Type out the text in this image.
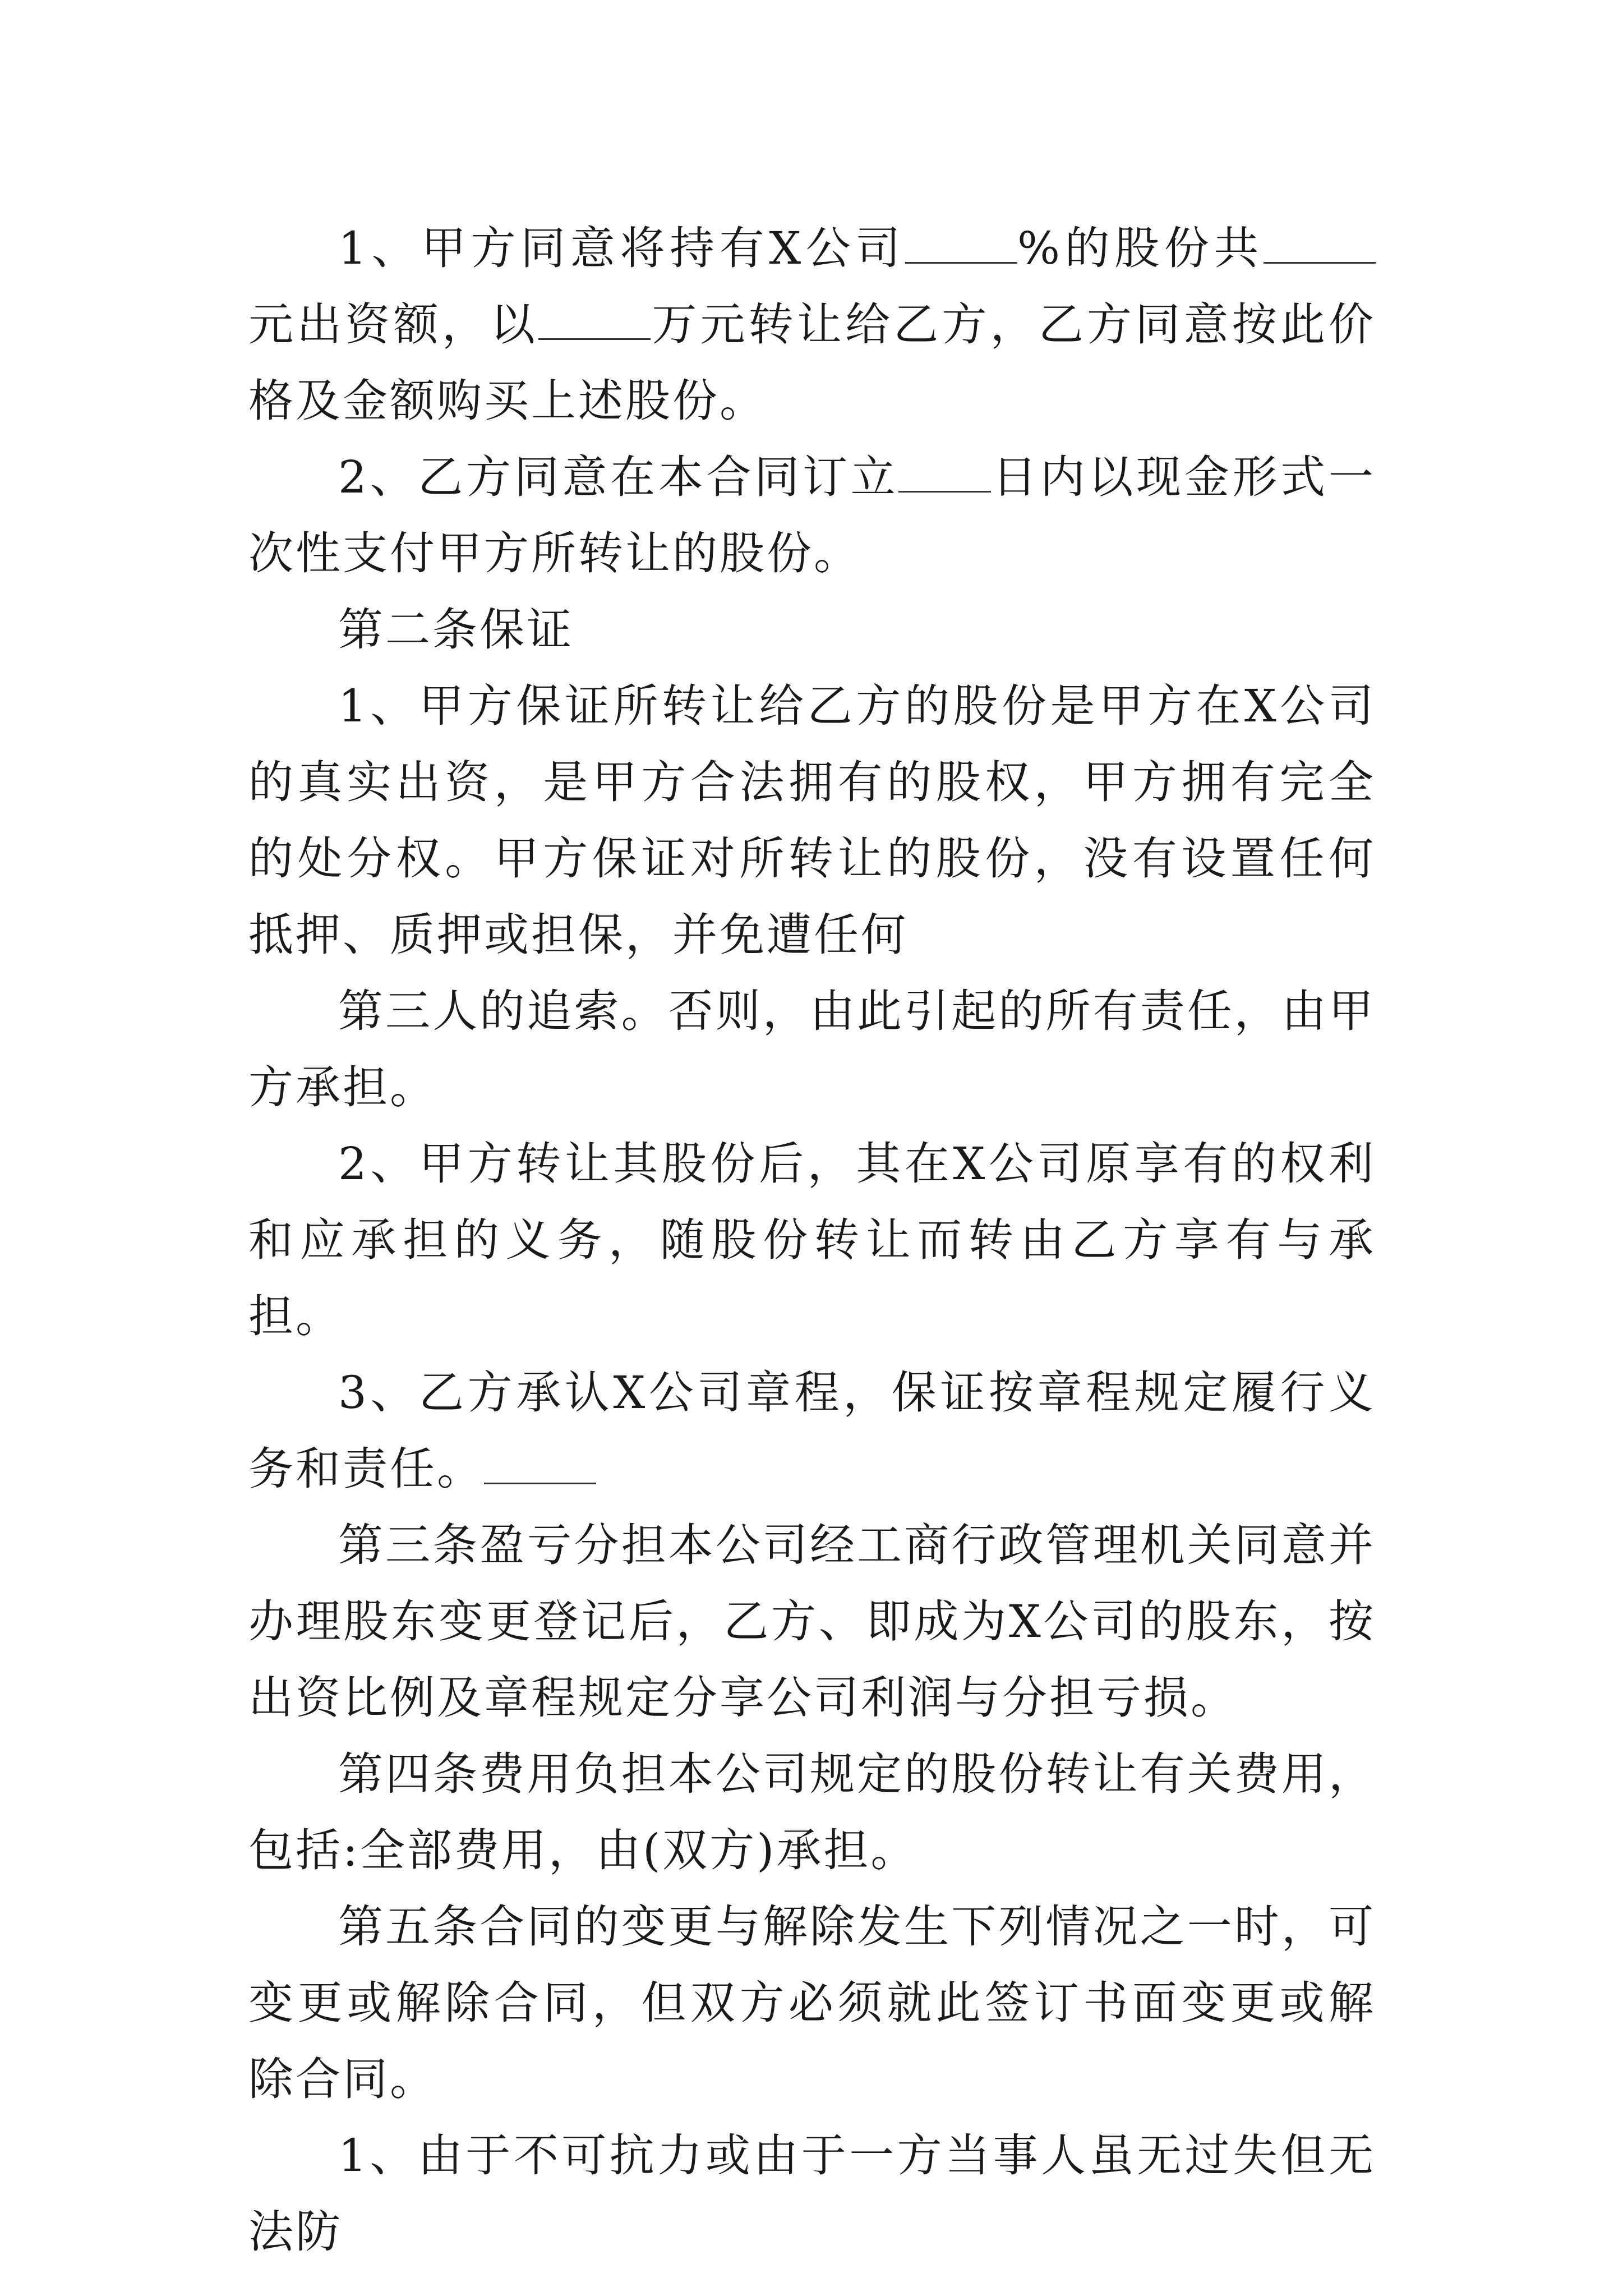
1、甲方同意将持有X公司	%的股份共元出资额，以	万元转让给乙方，乙方同意按此价格及金额购买上述股份。

2、乙方同意在本合同订立 日内以现金形式一次性支付甲方所转让的股份。

第二条保证

1、甲方保证所转让给乙方的股份是甲方在X公司的真实出资，是甲方合法拥有的股权，甲方拥有完全的处分权。甲方保证对所转让的股份，没有设置任何抵押、质押或担保，并免遭任何

第三人的追索。否则，由此引起的所有责任，由甲方承担。

2、甲方转让其股份后，其在X公司原享有的权利和应承担的义务，随股份转让而转由乙方享有与承担。

3、乙方承认X公司章程，保证按章程规定履行义务和责任。

第三条盈亏分担本公司经工商行政管理机关同意并办理股东变更登记后，乙方、即成为X公司的股东，按出资比例及章程规定分享公司利润与分担亏损。

第四条费用负担本公司规定的股份转让有关费用，包括:全部费用，由(双方)承担。

第五条合同的变更与解除发生下列情况之一时，可变更或解除合同，但双方必须就此签订书面变更或解除合同。

1、由于不可抗力或由于一方当事人虽无过失但无法防
